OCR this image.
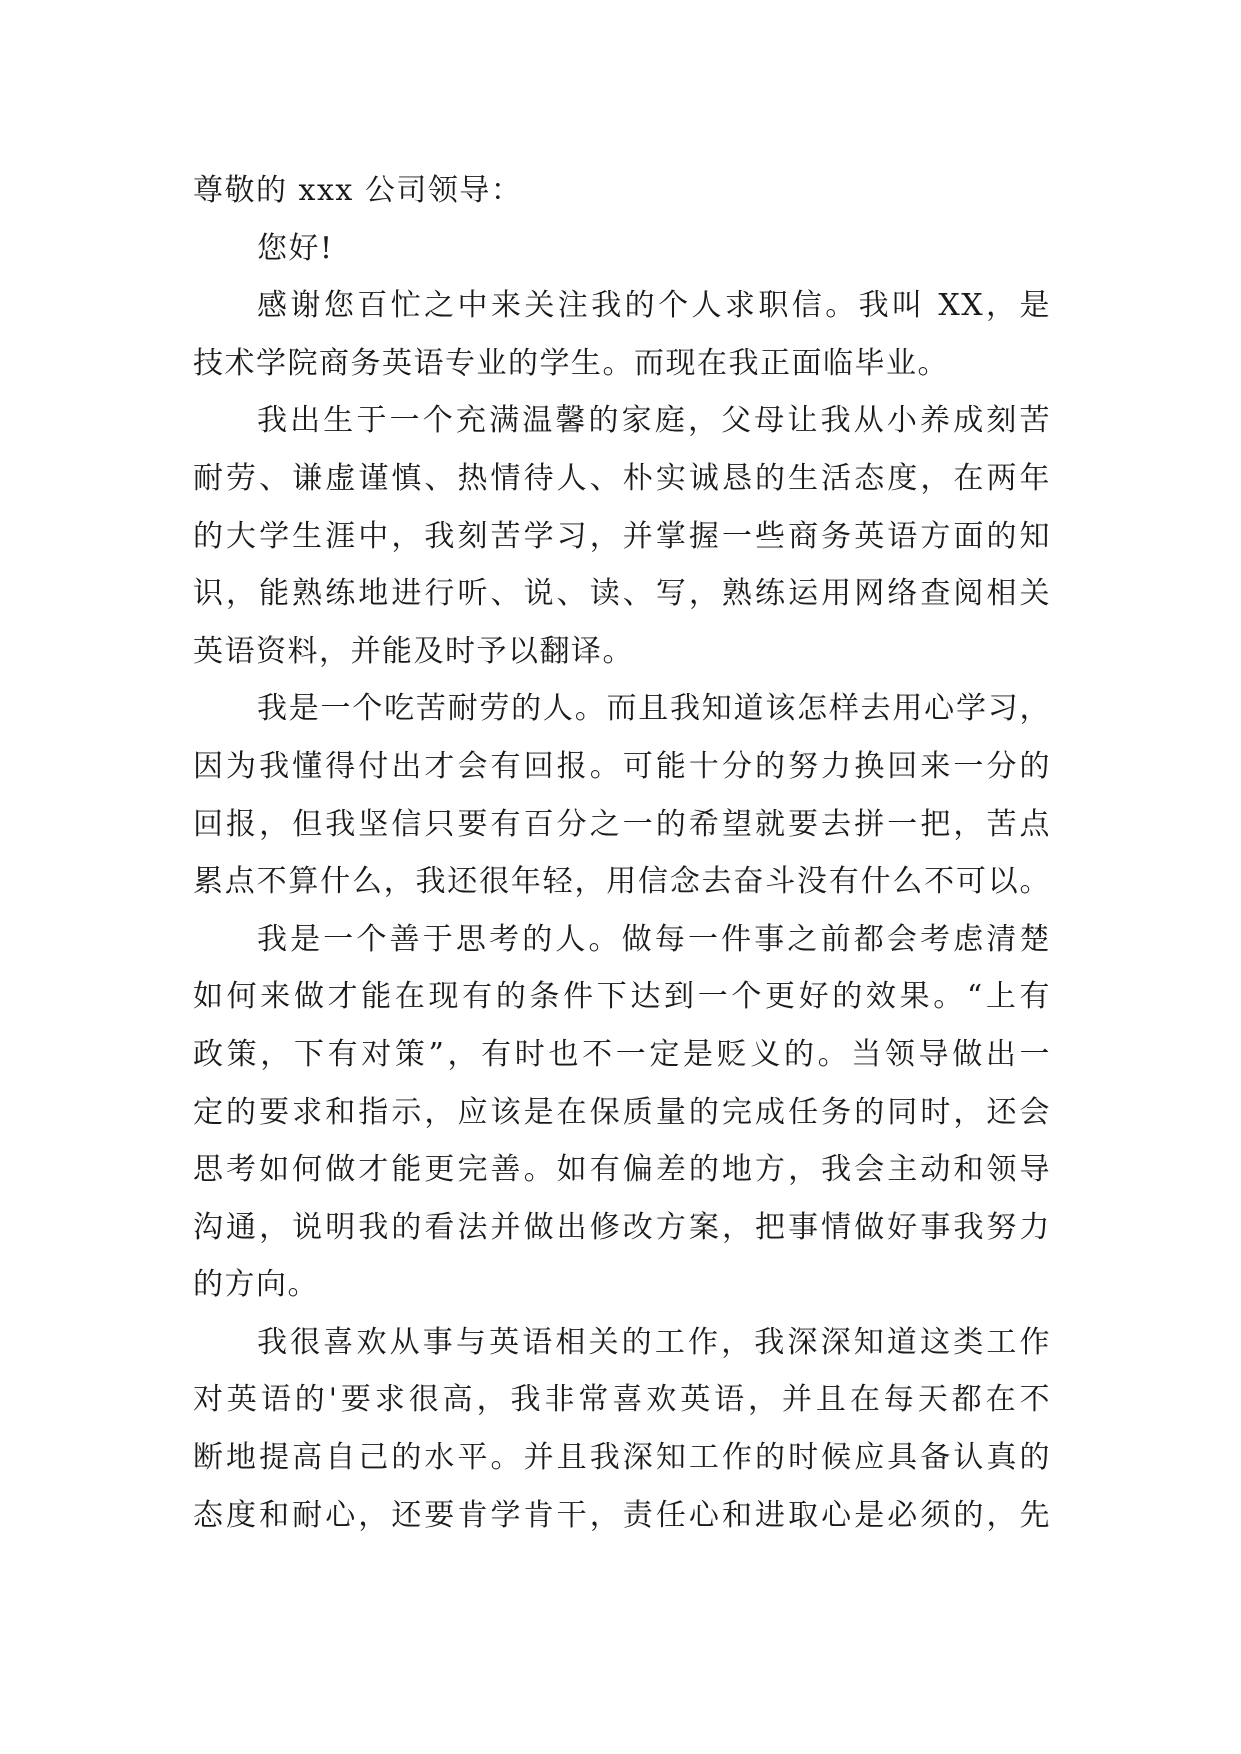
尊敬的 xxx 公司领导：
您好!
感谢您百忙之中来关注我的个人求职信。我叫 XX，是
技术学院商务英语专业的学生。而现在我正面临毕业。
我出生于一个充满温馨的家庭，父母让我从小养成刻苦
耐劳、谦虚谨慎、热情待人、朴实诚恳的生活态度，在两年
的大学生涯中，我刻苦学习，并掌握一些商务英语方面的知
识，能熟练地进行听、说、读、写，熟练运用网络查阅相关
英语资料，并能及时予以翻译。
我是一个吃苦耐劳的人。而且我知道该怎样去用心学习，
因为我懂得付出才会有回报。可能十分的努力换回来一分的
回报，但我坚信只要有百分之一的希望就要去拼一把，苦点
累点不算什么，我还很年轻，用信念去奋斗没有什么不可以。
我是一个善于思考的人。做每一件事之前都会考虑清楚
如何来做才能在现有的条件下达到一个更好的效果。“上有
政策，下有对策”，有时也不一定是贬义的。当领导做出一
定的要求和指示，应该是在保质量的完成任务的同时，还会
思考如何做才能更完善。如有偏差的地方，我会主动和领导
沟通，说明我的看法并做出修改方案，把事情做好事我努力
的方向。
我很喜欢从事与英语相关的工作，我深深知道这类工作
对英语的'要求很高，我非常喜欢英语，并且在每天都在不
断地提高自己的水平。并且我深知工作的时候应具备认真的
态度和耐心，还要肯学肯干，责任心和进取心是必须的，先
